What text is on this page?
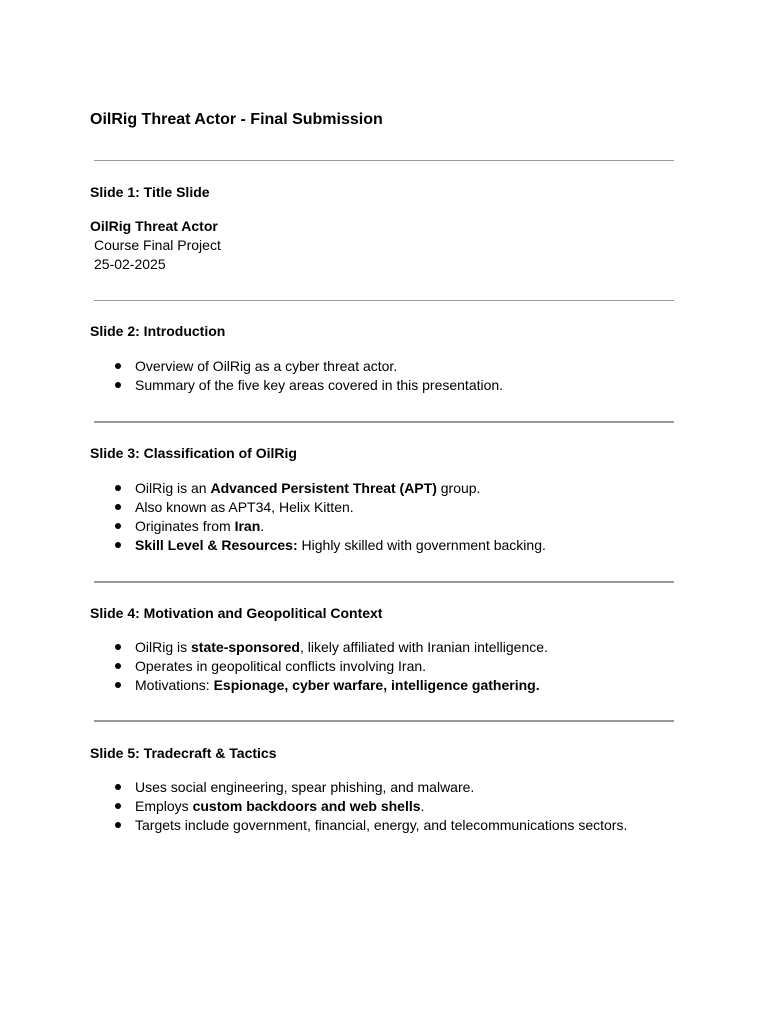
OilRig Threat Actor - Final Submission
Slide 1: Title Slide
OilRig Threat Actor
Course Final Project
25-02-2025
Slide 2: Introduction
Overview of OilRig as a cyber threat actor.
Summary of the five key areas covered in this presentation.
Slide 3: Classification of OilRig
OilRig is an Advanced Persistent Threat (APT) group.
Also known as APT34, Helix Kitten.
Originates from Iran.
Skill Level & Resources: Highly skilled with government backing.
Slide 4: Motivation and Geopolitical Context
OilRig is state-sponsored, likely affiliated with Iranian intelligence.
Operates in geopolitical conflicts involving Iran.
Motivations: Espionage, cyber warfare, intelligence gathering.
Slide 5: Tradecraft & Tactics
Uses social engineering, spear phishing, and malware.
Employs custom backdoors and web shells.
Targets include government, financial, energy, and telecommunications sectors.
